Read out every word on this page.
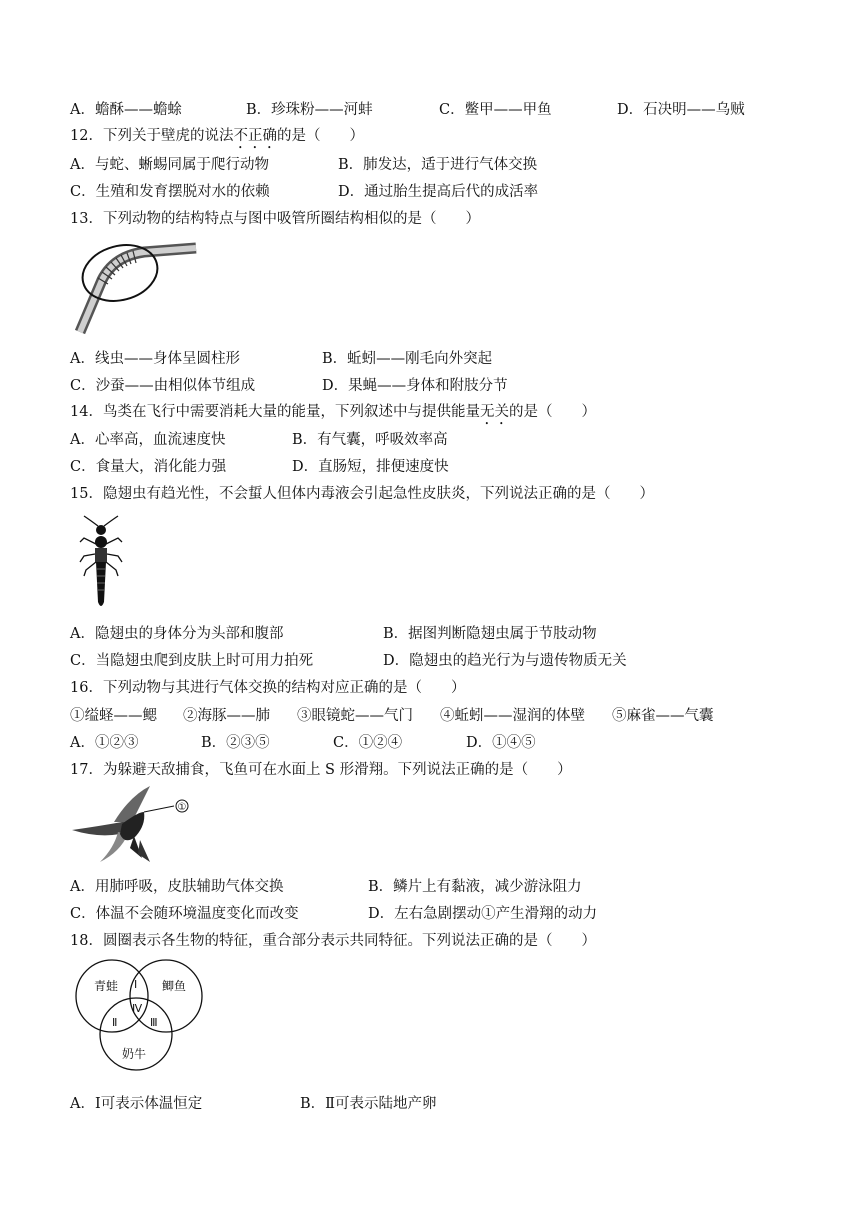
A．蟾酥——蟾蜍	B．珍珠粉——河蚌	C．鳖甲——甲鱼	D．石决明——乌贼
12．下列关于壁虎的说法不正确的是（　　）
A．与蛇、蜥蜴同属于爬行动物	B．肺发达，适于进行气体交换
C．生殖和发育摆脱对水的依赖	D．通过胎生提高后代的成活率
13．下列动物的结构特点与图中吸管所圈结构相似的是（　　）
A．线虫——身体呈圆柱形	B．蚯蚓——刚毛向外突起
C．沙蚕——由相似体节组成	D．果蝇——身体和附肢分节
14．鸟类在飞行中需要消耗大量的能量，下列叙述中与提供能量无关的是（　　）
A．心率高，血流速度快	B．有气囊，呼吸效率高
C．食量大，消化能力强	D．直肠短，排便速度快
15．隐翅虫有趋光性，不会蜇人但体内毒液会引起急性皮肤炎，下列说法正确的是（　　）
A．隐翅虫的身体分为头部和腹部	B．据图判断隐翅虫属于节肢动物
C．当隐翅虫爬到皮肤上时可用力拍死	D．隐翅虫的趋光行为与遗传物质无关
16．下列动物与其进行气体交换的结构对应正确的是（　　）
①缢蛏——鳃 ②海豚——肺 ③眼镜蛇——气门 ④蚯蚓——湿润的体壁 ⑤麻雀——气囊
A．①②③	B．②③⑤	C．①②④	D．①④⑤
17．为躲避天敌捕食，飞鱼可在水面上 S 形滑翔。下列说法正确的是（　　）
①
A．用肺呼吸，皮肤辅助气体交换	B．鳞片上有黏液，减少游泳阻力
C．体温不会随环境温度变化而改变	D．左右急剧摆动①产生滑翔的动力
18．圆圈表示各生物的特征，重合部分表示共同特征。下列说法正确的是（　　）
青蛙	鲫鱼
奶牛
Ⅰ
Ⅱ	Ⅲ
Ⅳ
A．Ⅰ可表示体温恒定	B．Ⅱ可表示陆地产卵
